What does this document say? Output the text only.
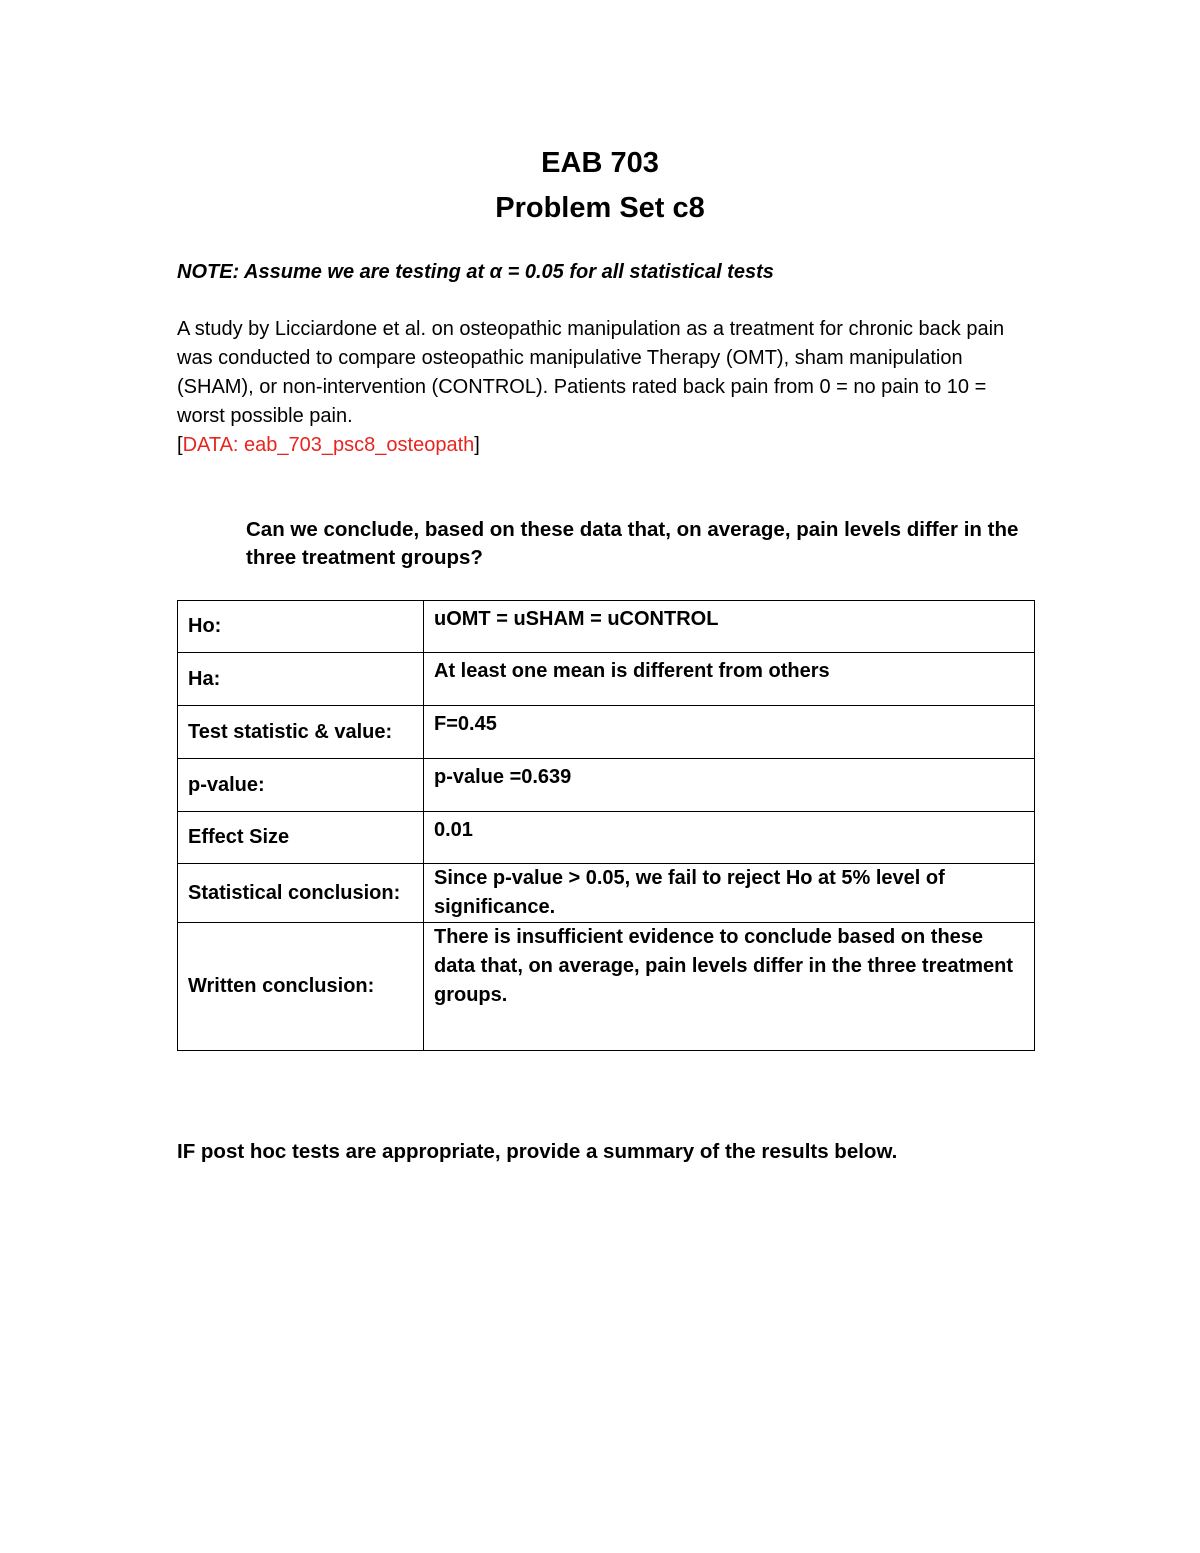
EAB 703
Problem Set c8
NOTE: Assume we are testing at α = 0.05 for all statistical tests

A study by Licciardone et al. on osteopathic manipulation as a treatment for chronic back pain was conducted to compare osteopathic manipulative Therapy (OMT), sham manipulation (SHAM), or non-intervention (CONTROL). Patients rated back pain from 0 = no pain to 10 = worst possible pain.

[DATA: eab_703_psc8_osteopath]

Can we conclude, based on these data that, on average, pain levels differ in the three treatment groups?
Ho:	uOMT = uSHAM = uCONTROL
Ha:	At least one mean is different from others
Test statistic & value:	F=0.45
p-value:	p-value =0.639
Effect Size	0.01
Statistical conclusion:	Since p-value > 0.05, we fail to reject Ho at 5% level of significance.
Written conclusion:	There is insufficient evidence to conclude based on these data that, on average, pain levels differ in the three treatment groups.
IF post hoc tests are appropriate, provide a summary of the results below.
